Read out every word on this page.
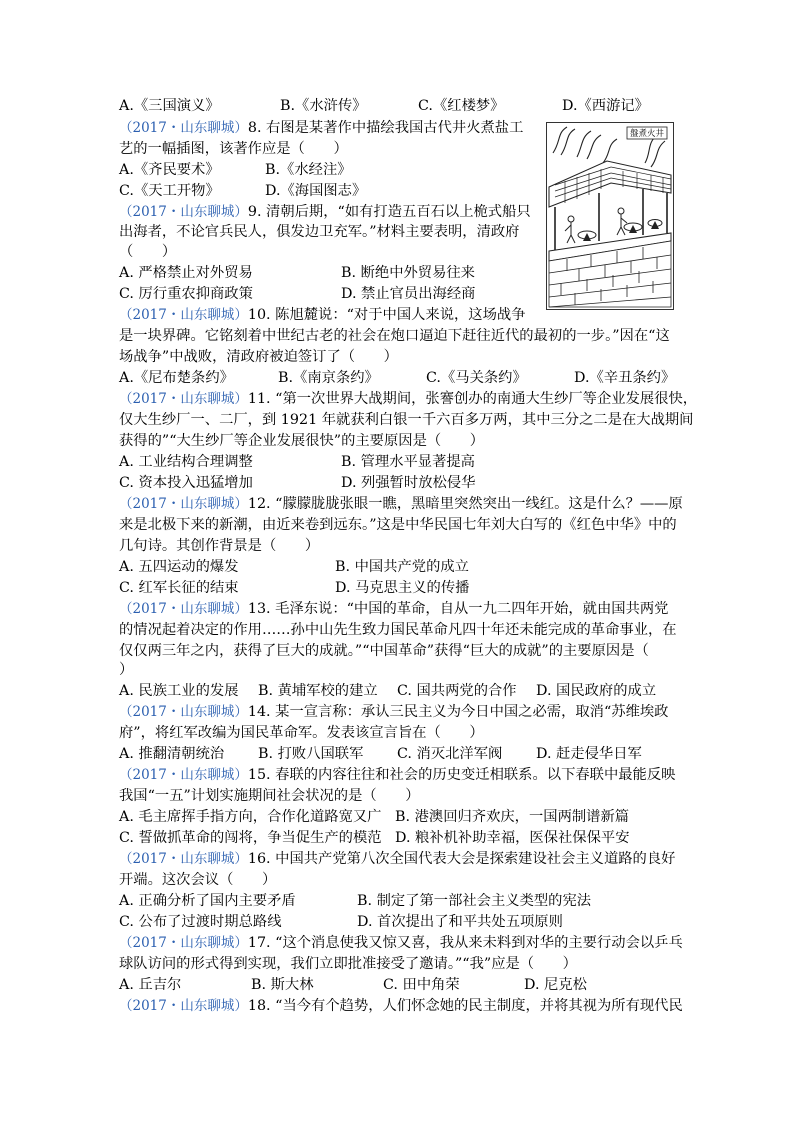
A.《三国演义》	B.《水浒传》	C.《红楼梦》	D.《西游记》
（2017・山东聊城）8. 右图是某著作中描绘我国古代井火煮盐工
艺的一幅插图，该著作应是（　　）
A.《齐民要术》	B.《水经注》
C.《天工开物》	D.《海国图志》
盤煮火井
（2017・山东聊城）9. 清朝后期，“如有打造五百石以上桅式船只
出海者，不论官兵民人，俱发边卫充军。”材料主要表明，清政府
（　　）
A. 严格禁止对外贸易	B. 断绝中外贸易往来
C. 厉行重农抑商政策	D. 禁止官员出海经商
（2017・山东聊城）10. 陈旭麓说：“对于中国人来说，这场战争
是一块界碑。它铭刻着中世纪古老的社会在炮口逼迫下赶往近代的最初的一步。”因在“这
场战争”中战败，清政府被迫签订了（　　）
A.《尼布楚条约》	B.《南京条约》	C.《马关条约》	D.《辛丑条约》
（2017・山东聊城）11. “第一次世界大战期间，张謇创办的南通大生纱厂等企业发展很快，
仅大生纱厂一、二厂，到 1921 年就获利白银一千六百多万两，其中三分之二是在大战期间
获得的”“大生纱厂等企业发展很快”的主要原因是（　　）
A. 工业结构合理调整	B. 管理水平显著提高
C. 资本投入迅猛增加	D. 列强暂时放松侵华
（2017・山东聊城）12. “朦朦胧胧张眼一瞧，黑暗里突然突出一线红。这是什么？——原
来是北极下来的新潮，由近来卷到远东。”这是中华民国七年刘大白写的《红色中华》中的
几句诗。其创作背景是（　　）
A. 五四运动的爆发	B. 中国共产党的成立
C. 红军长征的结束	D. 马克思主义的传播
（2017・山东聊城）13. 毛泽东说：“中国的革命，自从一九二四年开始，就由国共两党
的情况起着决定的作用……孙中山先生致力国民革命凡四十年还未能完成的革命事业，在
仅仅两三年之内，获得了巨大的成就。”“中国革命”获得“巨大的成就”的主要原因是（
）
A. 民族工业的发展 B. 黄埔军校的建立 C. 国共两党的合作 D. 国民政府的成立
（2017・山东聊城）14. 某一宣言称：承认三民主义为今日中国之必需，取消“苏维埃政
府”，将红军改编为国民革命军。发表该宣言旨在（　　）
A. 推翻清朝统治 B. 打败八国联军 C. 消灭北洋军阀 D. 赶走侵华日军
（2017・山东聊城）15. 春联的内容往往和社会的历史变迁相联系。以下春联中最能反映
我国“一五”计划实施期间社会状况的是（　　）
A. 毛主席挥手指方向，合作化道路宽又广 B. 港澳回归齐欢庆，一国两制谱新篇
C. 誓做抓革命的闯将，争当促生产的模范 D. 粮补机补助幸福，医保社保保平安
（2017・山东聊城）16. 中国共产党第八次全国代表大会是探索建设社会主义道路的良好
开端。这次会议（　　）
A. 正确分析了国内主要矛盾	B. 制定了第一部社会主义类型的宪法
C. 公布了过渡时期总路线	D. 首次提出了和平共处五项原则
（2017・山东聊城）17. “这个消息使我又惊又喜，我从来未料到对华的主要行动会以乒乓
球队访问的形式得到实现，我们立即批准接受了邀请。”“我”应是（　　）
A. 丘吉尔	B. 斯大林	C. 田中角荣	D. 尼克松
（2017・山东聊城）18. “当今有个趋势，人们怀念她的民主制度，并将其视为所有现代民
